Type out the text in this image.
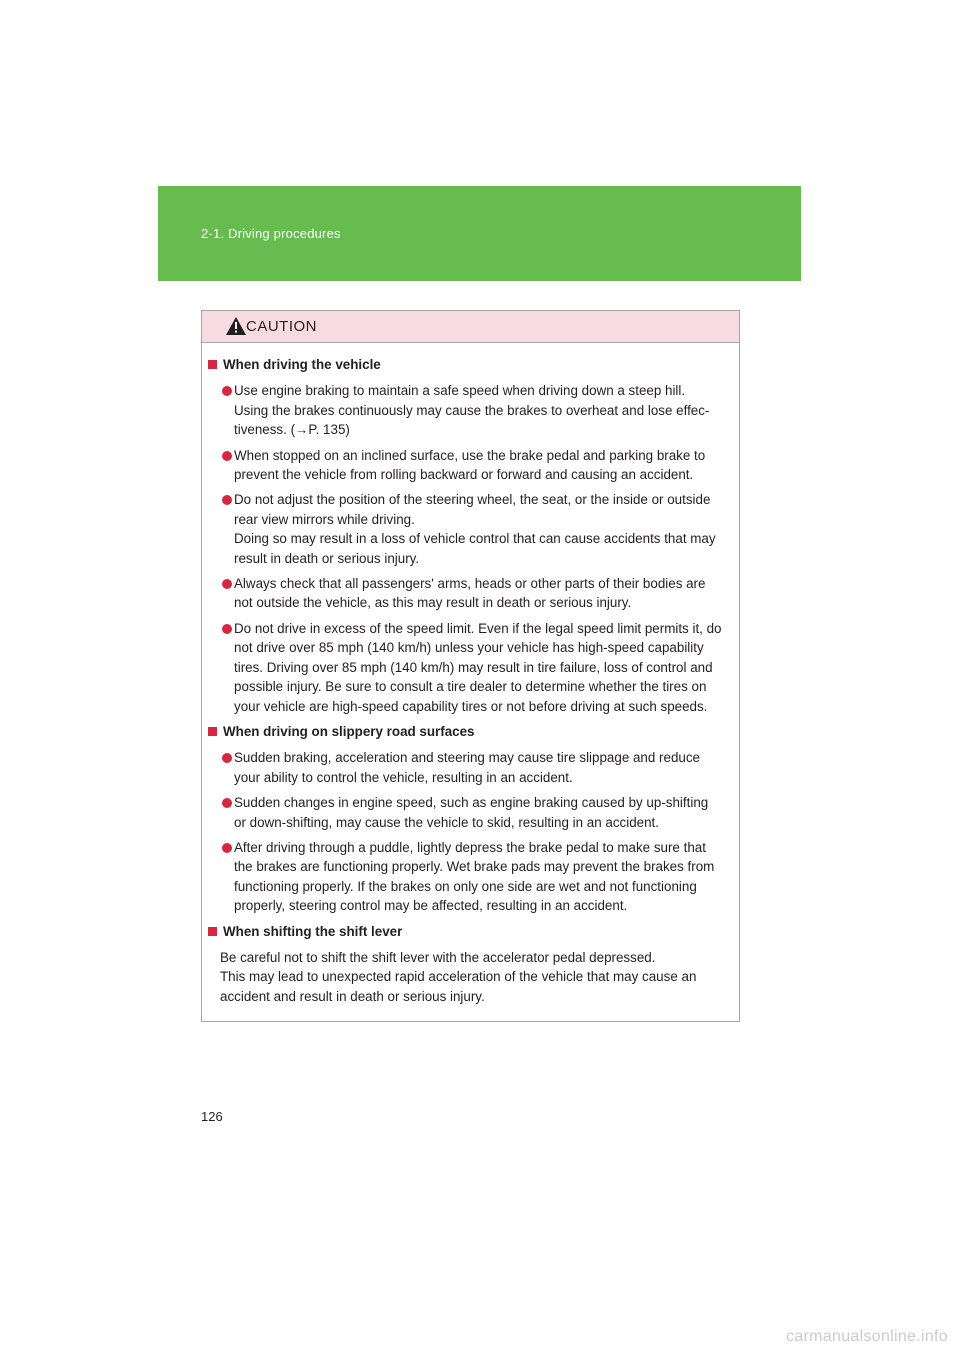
2-1. Driving procedures
CAUTION
When driving the vehicle
Use engine braking to maintain a safe speed when driving down a steep hill.
Using the brakes continuously may cause the brakes to overheat and lose effec-
tiveness. (→P. 135)
When stopped on an inclined surface, use the brake pedal and parking brake to
prevent the vehicle from rolling backward or forward and causing an accident.
Do not adjust the position of the steering wheel, the seat, or the inside or outside
rear view mirrors while driving.
Doing so may result in a loss of vehicle control that can cause accidents that may
result in death or serious injury.
Always check that all passengers' arms, heads or other parts of their bodies are
not outside the vehicle, as this may result in death or serious injury.
Do not drive in excess of the speed limit. Even if the legal speed limit permits it, do
not drive over 85 mph (140 km/h) unless your vehicle has high-speed capability
tires. Driving over 85 mph (140 km/h) may result in tire failure, loss of control and
possible injury. Be sure to consult a tire dealer to determine whether the tires on
your vehicle are high-speed capability tires or not before driving at such speeds.
When driving on slippery road surfaces
Sudden braking, acceleration and steering may cause tire slippage and reduce
your ability to control the vehicle, resulting in an accident.
Sudden changes in engine speed, such as engine braking caused by up-shifting
or down-shifting, may cause the vehicle to skid, resulting in an accident.
After driving through a puddle, lightly depress the brake pedal to make sure that
the brakes are functioning properly. Wet brake pads may prevent the brakes from
functioning properly. If the brakes on only one side are wet and not functioning
properly, steering control may be affected, resulting in an accident.
When shifting the shift lever
Be careful not to shift the shift lever with the accelerator pedal depressed.
This may lead to unexpected rapid acceleration of the vehicle that may cause an
accident and result in death or serious injury.
126
carmanualsonline.info
